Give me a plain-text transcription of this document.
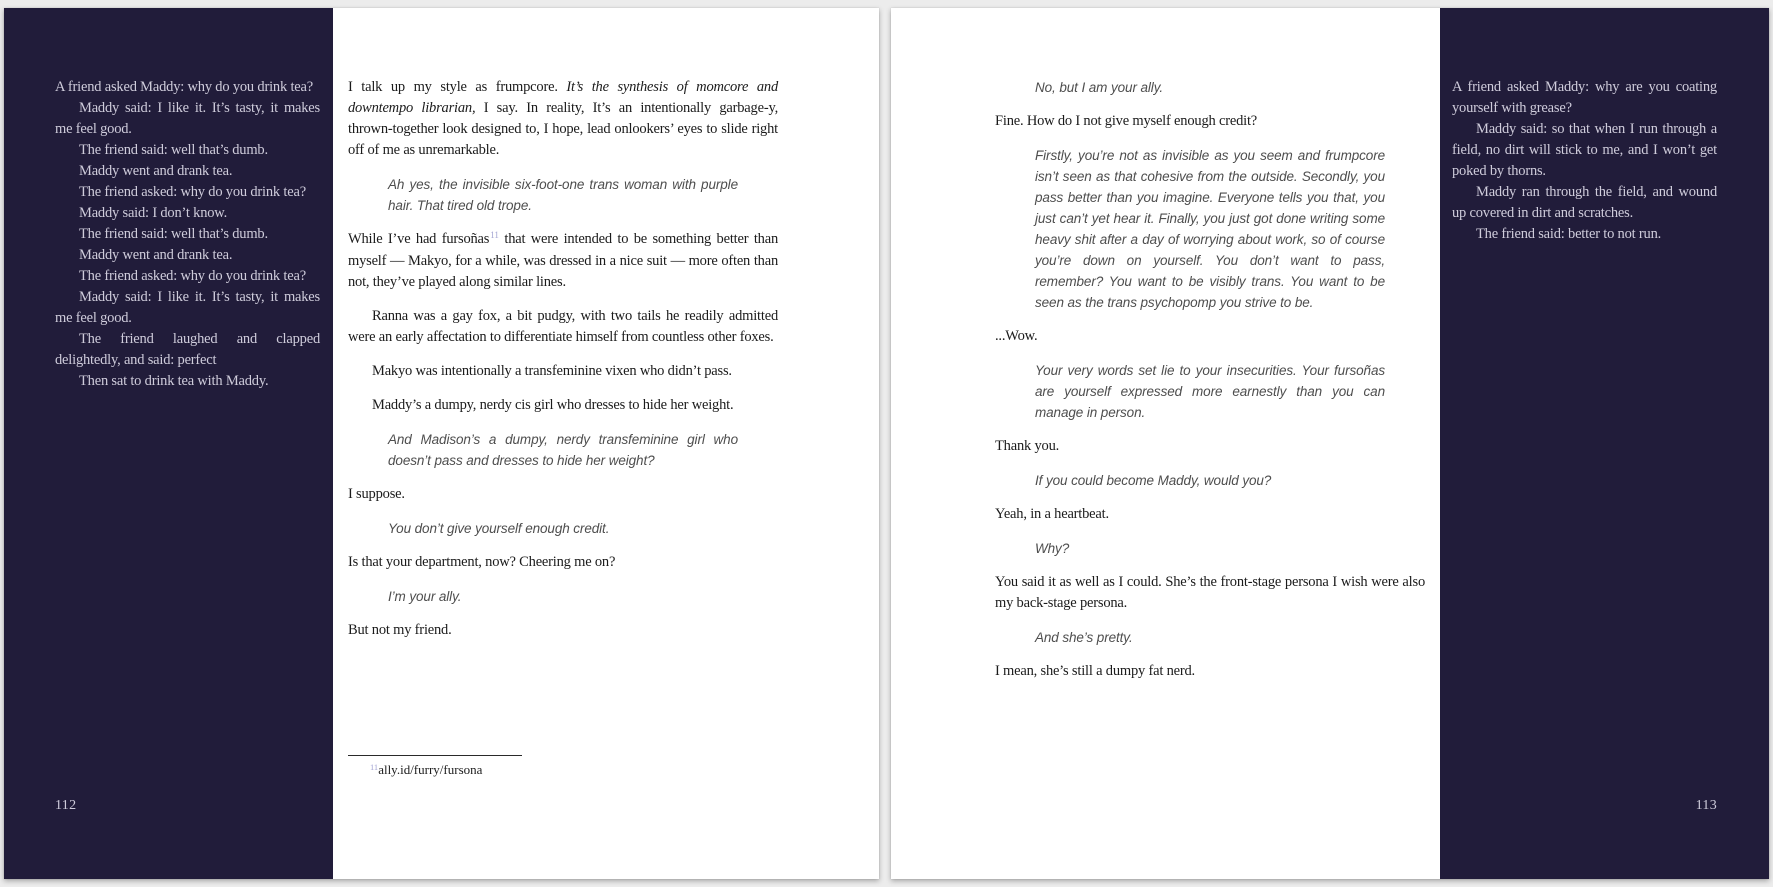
A friend asked Maddy: why do you drink tea?

Maddy said: I like it. It’s tasty, it makes me feel good.

The friend said: well that’s dumb.

Maddy went and drank tea.

The friend asked: why do you drink tea?

Maddy said: I don’t know.

The friend said: well that’s dumb.

Maddy went and drank tea.

The friend asked: why do you drink tea?

Maddy said: I like it. It’s tasty, it makes me feel good.

The friend laughed and clapped delightedly, and said: perfect

Then sat to drink tea with Maddy.

112

I talk up my style as frumpcore. It’s the synthesis of momcore and downtempo librarian, I say. In reality, It’s an intentionally garbage-y, thrown-together look designed to, I hope, lead onlookers’ eyes to slide right off of me as unremarkable.

Ah yes, the invisible six-foot-one trans woman with purple hair. That tired old trope.

While I’ve had fursoñas$^{11}$ that were intended to be something better than myself — Makyo, for a while, was dressed in a nice suit — more often than not, they’ve played along similar lines.

Ranna was a gay fox, a bit pudgy, with two tails he readily admitted were an early affectation to differentiate himself from countless other foxes.

Makyo was intentionally a transfeminine vixen who didn’t pass.

Maddy’s a dumpy, nerdy cis girl who dresses to hide her weight.

And Madison’s a dumpy, nerdy transfeminine girl who doesn’t pass and dresses to hide her weight?

I suppose.

You don’t give yourself enough credit.

Is that your department, now? Cheering me on?

I’m your ally.

But not my friend.

$^{11}$ally.id/furry/fursona
No, but I am your ally.

Fine. How do I not give myself enough credit?

Firstly, you’re not as invisible as you seem and frumpcore isn’t seen as that cohesive from the outside. Secondly, you pass better than you imagine. Everyone tells you that, you just can’t yet hear it. Finally, you just got done writing some heavy shit after a day of worrying about work, so of course you’re down on yourself. You don’t want to pass, remember? You want to be visibly trans. You want to be seen as the trans psychopomp you strive to be.

...Wow.

Your very words set lie to your insecurities. Your fursoñas are yourself expressed more earnestly than you can manage in person.

Thank you.

If you could become Maddy, would you?

Yeah, in a heartbeat.

Why?

You said it as well as I could. She’s the front-stage persona I wish were also my back-stage persona.

And she’s pretty.

I mean, she’s still a dumpy fat nerd.

A friend asked Maddy: why are you coating yourself with grease?

Maddy said: so that when I run through a field, no dirt will stick to me, and I won’t get poked by thorns.

Maddy ran through the field, and wound up covered in dirt and scratches.

The friend said: better to not run.

113
